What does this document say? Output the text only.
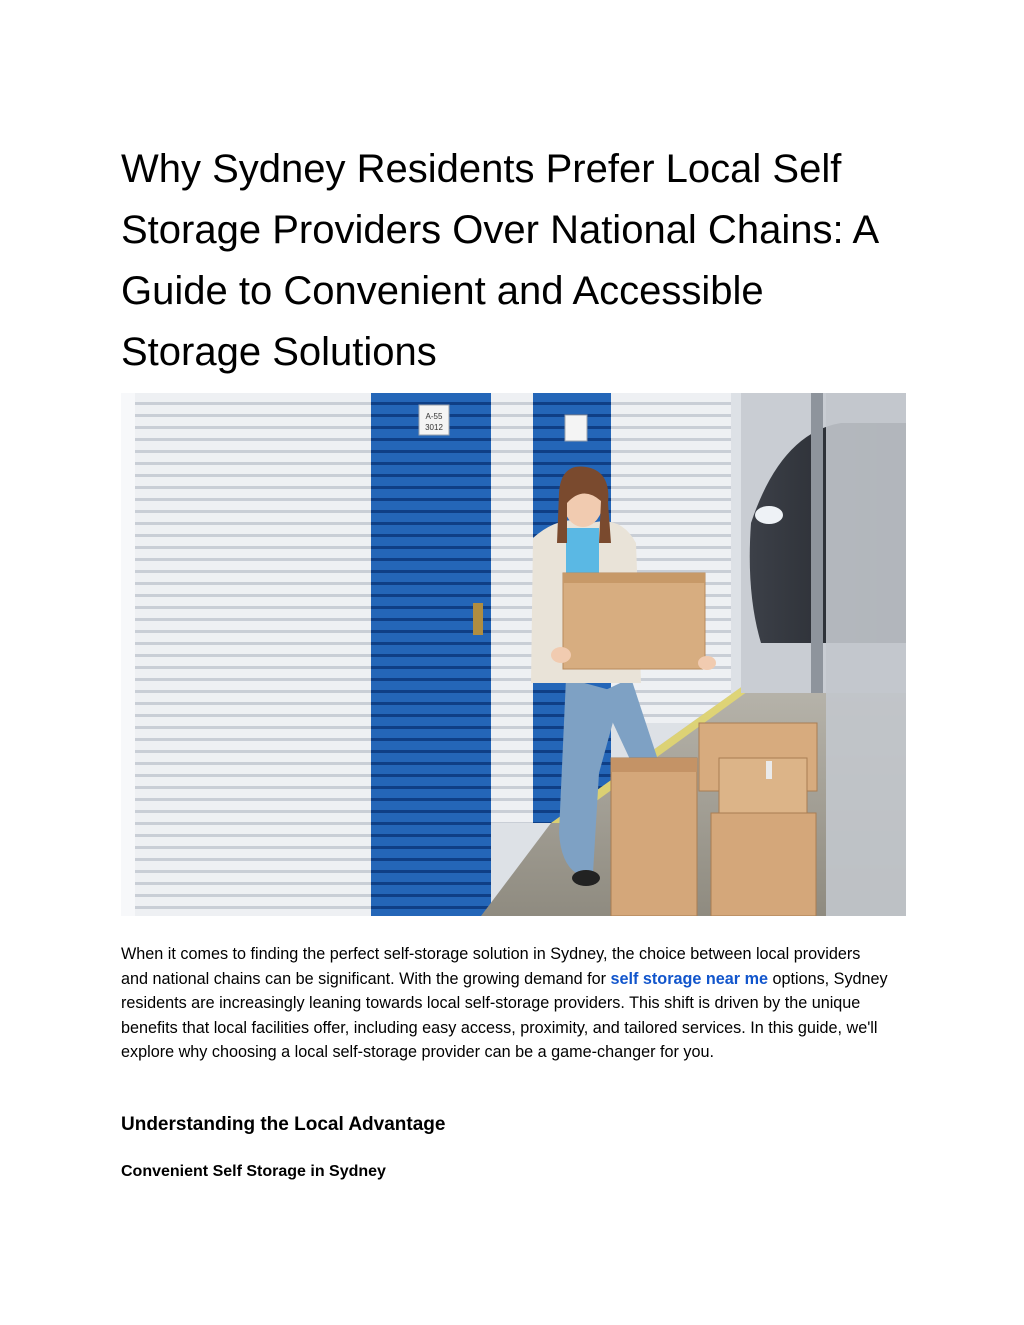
Why Sydney Residents Prefer Local Self Storage Providers Over National Chains: A Guide to Convenient and Accessible Storage Solutions
A-55
3012

When it comes to finding the perfect self-storage solution in Sydney, the choice between local providers and national chains can be significant. With the growing demand for self storage near me options, Sydney residents are increasingly leaning towards local self-storage providers. This shift is driven by the unique benefits that local facilities offer, including easy access, proximity, and tailored services. In this guide, we'll explore why choosing a local self-storage provider can be a game-changer for you.

Understanding the Local Advantage
Convenient Self Storage in Sydney
